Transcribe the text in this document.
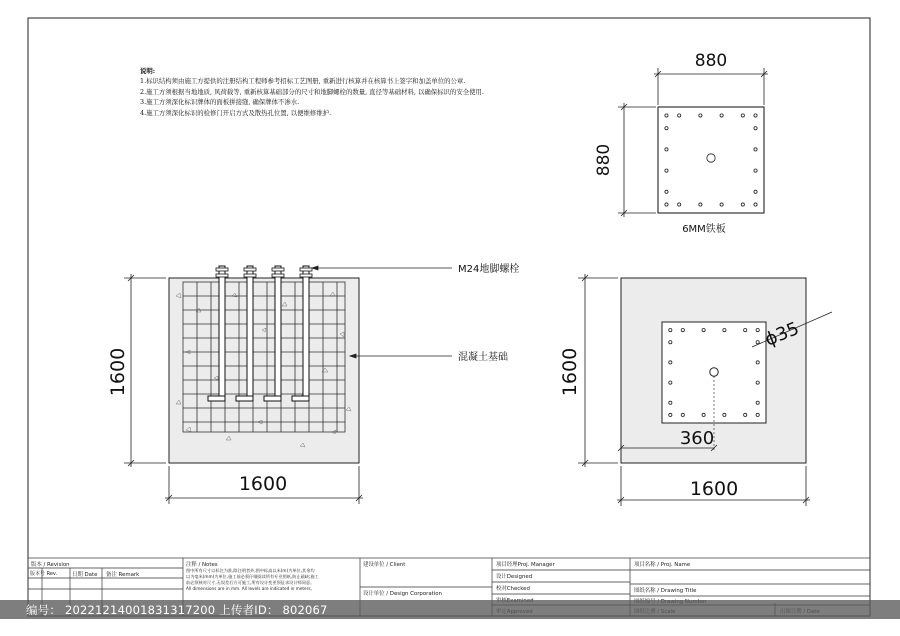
880
880
6MM铁板
M24地脚螺栓
混凝土基础
1600
1600
ϕ35
360
1600
1600
说明:
1.标识结构须由施工方提供的注册结构工程师参考招标工艺图册, 重新进行核算并在核算书上签字和加盖单位的公章.
2.施工方须根据当地地质, 风荷载等, 重新核算基础部分的尺寸和地脚螺栓的数量, 直径等基础材料, 以确保标识的安全使用.
3.施工方须深化标识牌体的面板拼接缝, 确保牌体不渗水.
4.施工方须深化标识的检修门开启方式及散热孔位置, 以便维修维护.
版本 / Revision
版本号 Rev.	日期 Date 备注 Remark
注释 / Notes
图中所有尺寸以标注为准,除注明者外,图中标高以米(m)为单位,其余均
以为毫米(mm)为单位,施工前必须仔细阅读所有专业图纸,防止疏缺;施工
前必须核对尺寸,无误差后方可施工,所有设计变更须征求设计师同意。
All dimensions are in mm. All levels are indicated in meters,
建设单位 / Client
设计单位 / Design Corporation
项目经理Proj. Manager
设计Designed
校对Checked
项目名称 / Proj. Name
图纸名称 / Drawing Title
编号： 20221214001831317200 上传者ID： 802067
